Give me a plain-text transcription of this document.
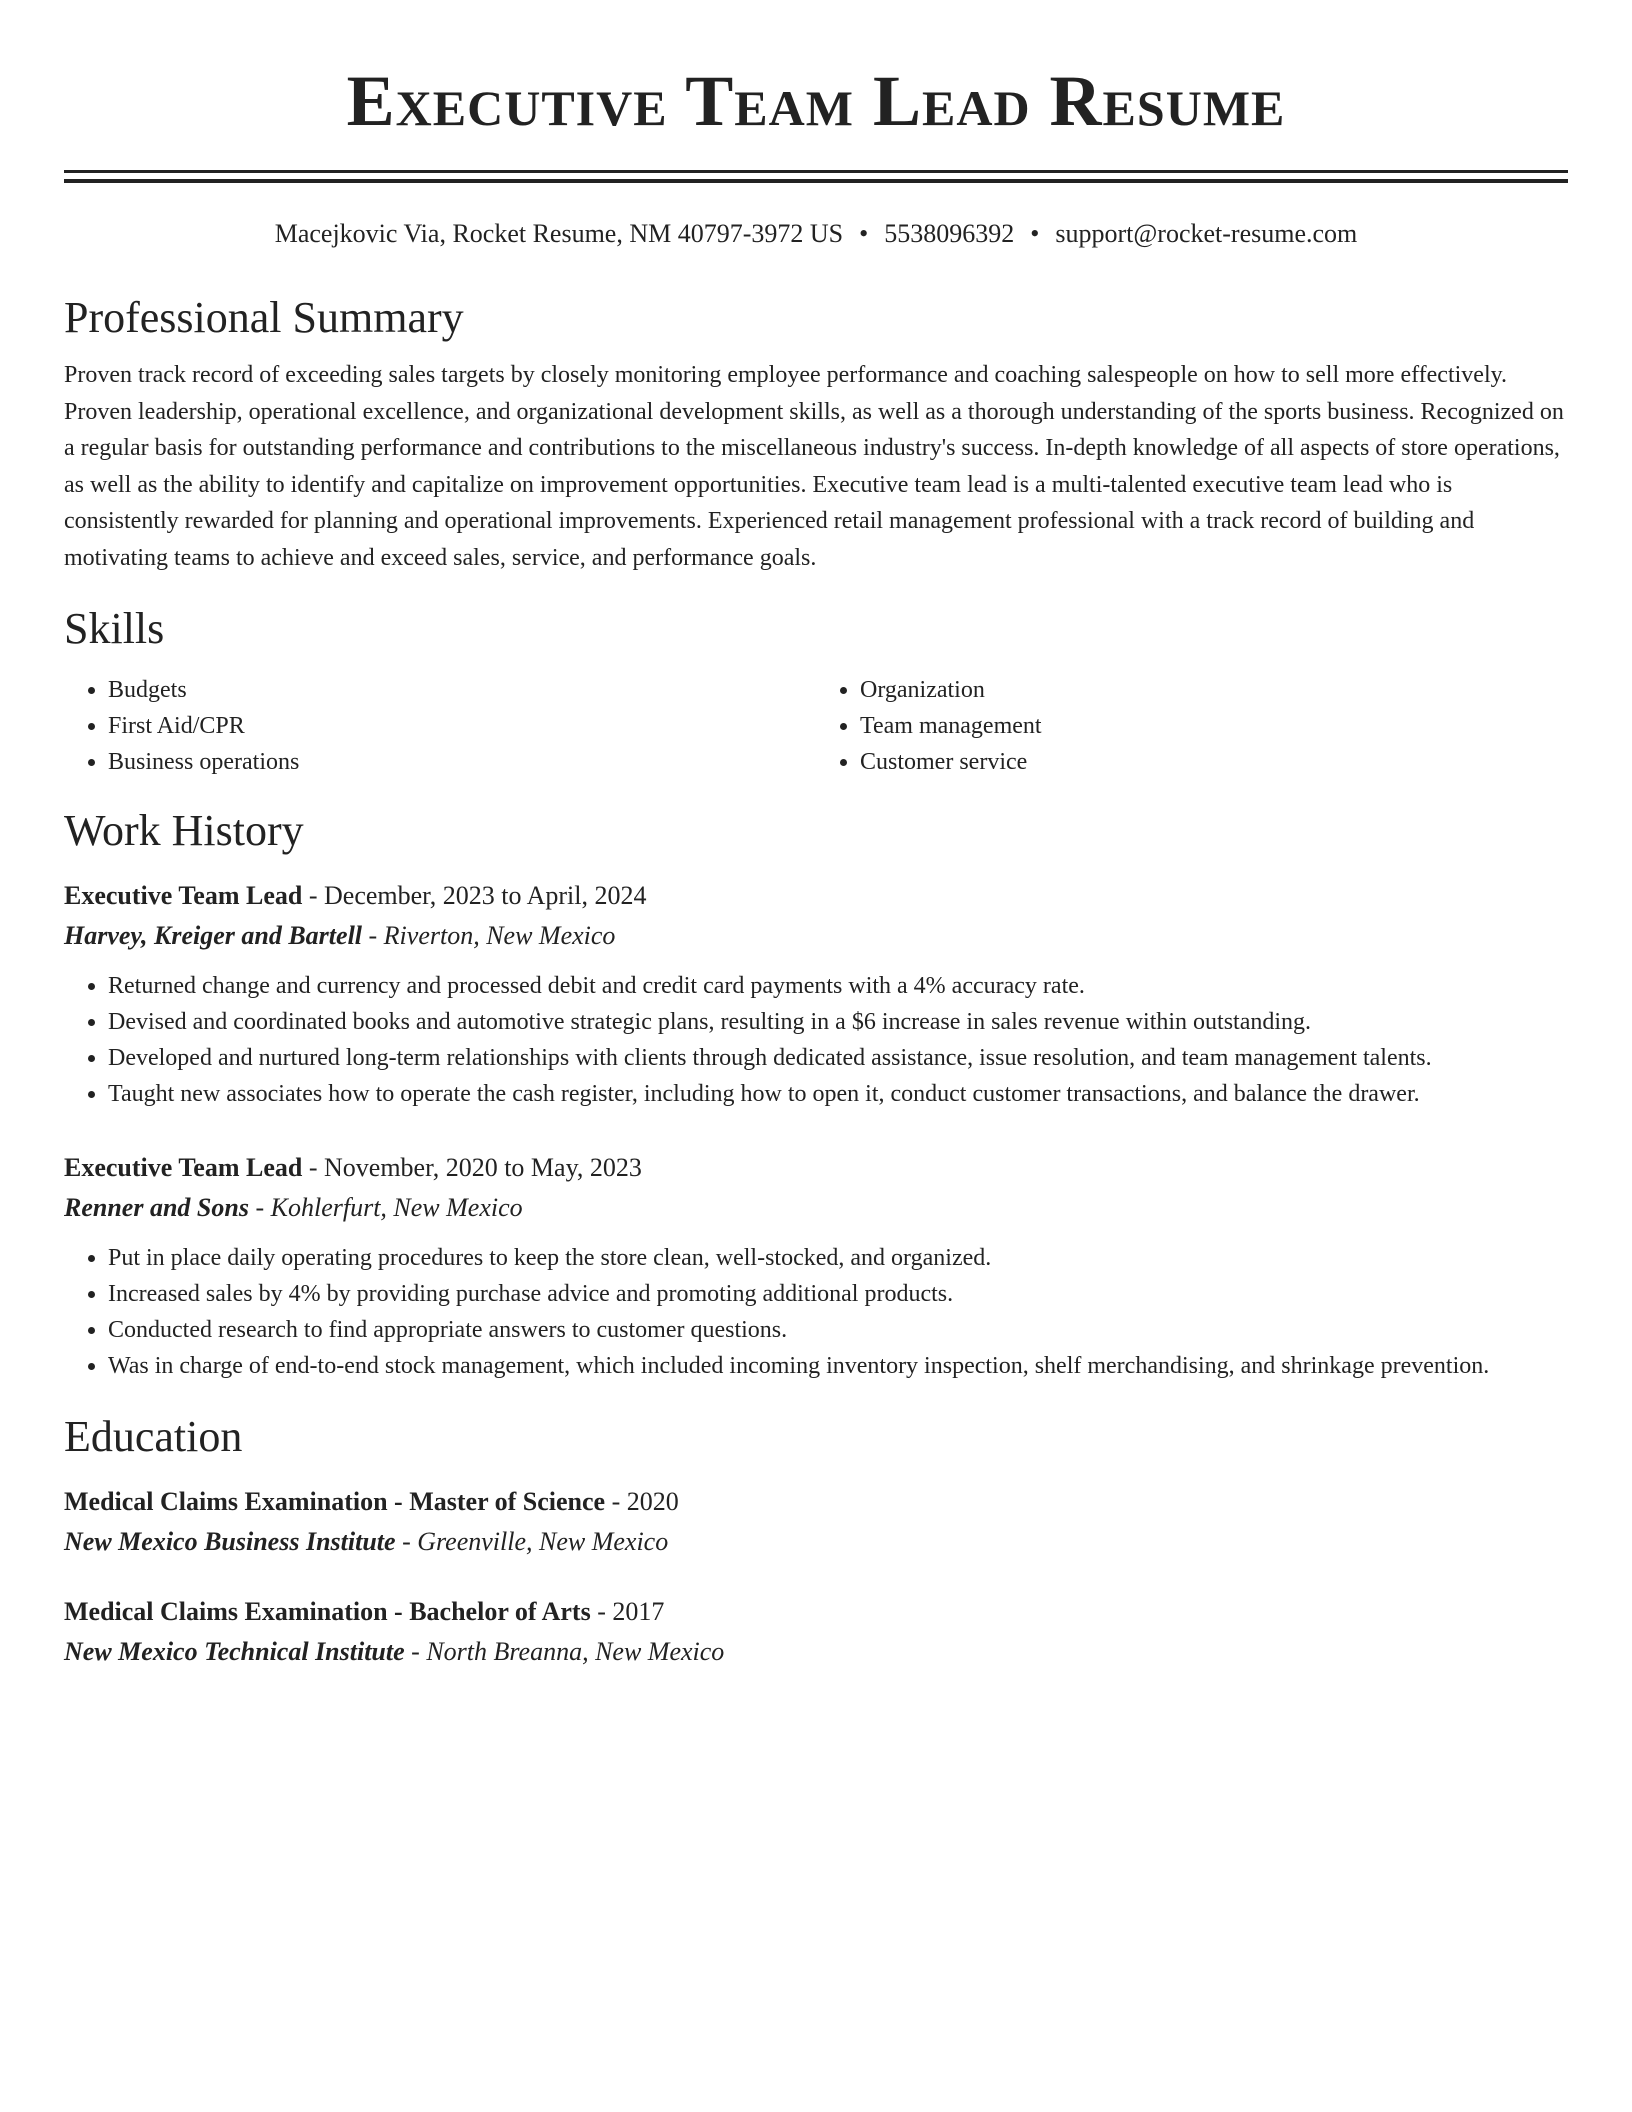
Executive Team Lead Resume
Macejkovic Via, Rocket Resume, NM 40797-3972 US • 5538096392 • support@rocket-resume.com
Professional Summary

Proven track record of exceeding sales targets by closely monitoring employee performance and coaching salespeople on how to sell more effectively. Proven leadership, operational excellence, and organizational development skills, as well as a thorough understanding of the sports business. Recognized on a regular basis for outstanding performance and contributions to the miscellaneous industry's success. In-depth knowledge of all aspects of store operations, as well as the ability to identify and capitalize on improvement opportunities. Executive team lead is a multi-talented executive team lead who is consistently rewarded for planning and operational improvements. Experienced retail management professional with a track record of building and motivating teams to achieve and exceed sales, service, and performance goals.

Skills
• Budgets
• First Aid/CPR
• Business operations
• Organization
• Team management
• Customer service
Work History
Executive Team Lead - December, 2023 to April, 2024
Harvey, Kreiger and Bartell - Riverton, New Mexico
• Returned change and currency and processed debit and credit card payments with a 4% accuracy rate.
• Devised and coordinated books and automotive strategic plans, resulting in a $6 increase in sales revenue within outstanding.
• Developed and nurtured long-term relationships with clients through dedicated assistance, issue resolution, and team management talents.
• Taught new associates how to operate the cash register, including how to open it, conduct customer transactions, and balance the drawer.
Executive Team Lead - November, 2020 to May, 2023
Renner and Sons - Kohlerfurt, New Mexico
• Put in place daily operating procedures to keep the store clean, well-stocked, and organized.
• Increased sales by 4% by providing purchase advice and promoting additional products.
• Conducted research to find appropriate answers to customer questions.
• Was in charge of end-to-end stock management, which included incoming inventory inspection, shelf merchandising, and shrinkage prevention.
Education
Medical Claims Examination - Master of Science - 2020
New Mexico Business Institute - Greenville, New Mexico
Medical Claims Examination - Bachelor of Arts - 2017
New Mexico Technical Institute - North Breanna, New Mexico
